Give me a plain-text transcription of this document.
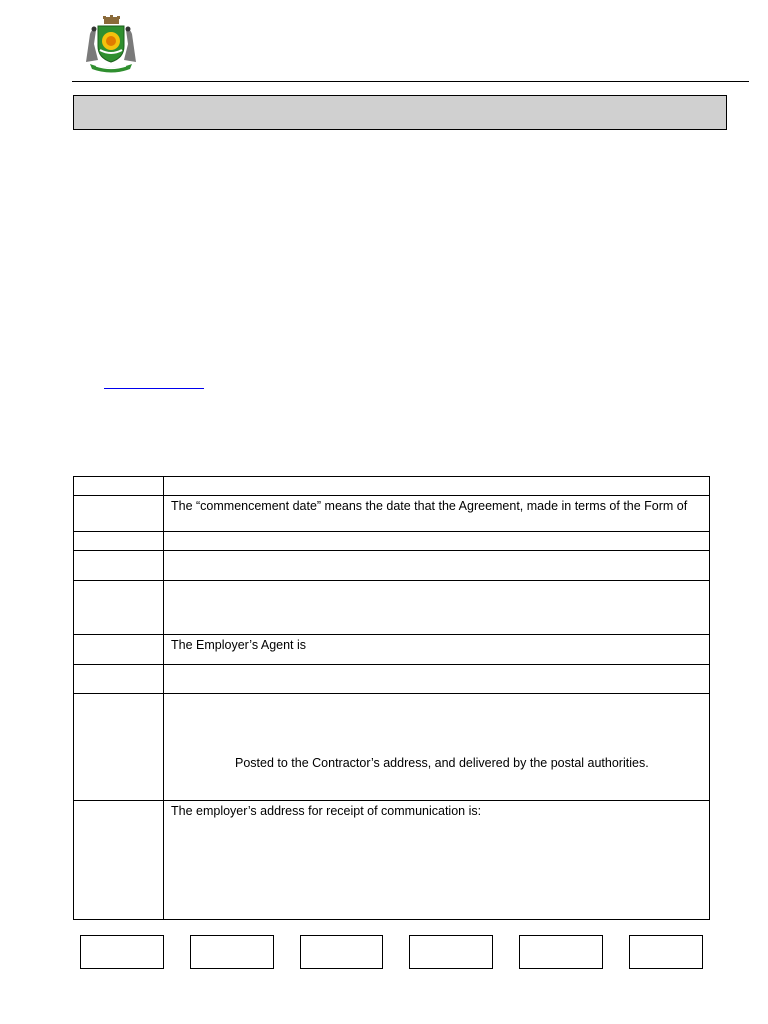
	The “commencement date” means the date that the Agreement, made in terms of the Form of

	The Employer’s Agent is

	Posted to the Contractor’s address, and delivered by the postal authorities.

	The employer’s address for receipt of communication is:
